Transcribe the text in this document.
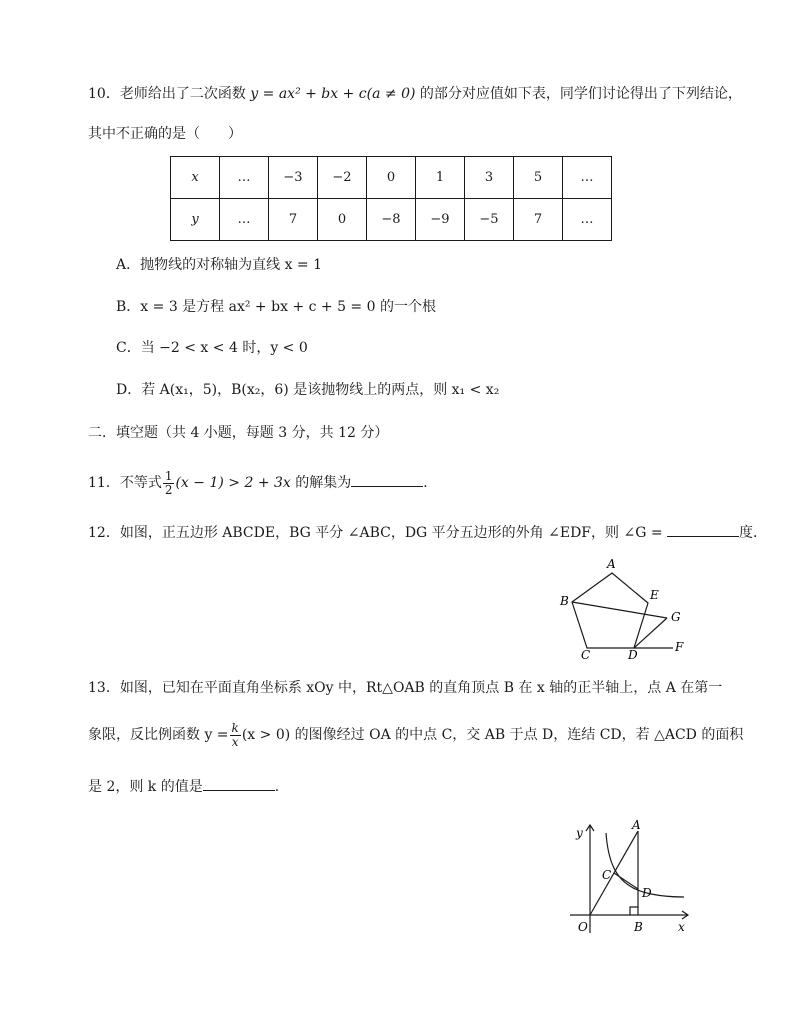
10．老师给出了二次函数 y = ax² + bx + c(a ≠ 0) 的部分对应值如下表，同学们讨论得出了下列结论，
其中不正确的是（　　）
x	…	−3	−2	0	1	3	5	…
y	…	7	0	−8	−9	−5	7	…
A．抛物线的对称轴为直线 x = 1
B．x = 3 是方程 ax² + bx + c + 5 = 0 的一个根
C．当 −2 < x < 4 时，y < 0
D．若 A(x₁，5)，B(x₂，6) 是该抛物线上的两点，则 x₁ < x₂
二．填空题（共 4 小题，每题 3 分，共 12 分）
11．不等式 $\frac{1}{2} (x - 1) > 2 + 3x$ 的解集为	．
12．如图，正五边形 ABCDE，BG 平分 ∠ABC，DG 平分五边形的外角 ∠EDF，则 ∠G =	度．
A
B
C	D
E
F
G
13．如图，已知在平面直角坐标系 xOy 中，Rt△OAB 的直角顶点 B 在 x 轴的正半轴上，点 A 在第一
象限，反比例函数 $y = \frac{k}{x} (x > 0)$ 的图像经过 OA 的中点 C，交 AB 于点 D，连结 CD，若 △ACD 的面积
是 2，则 k 的值是	．
y
x
O
A
B
C
D
